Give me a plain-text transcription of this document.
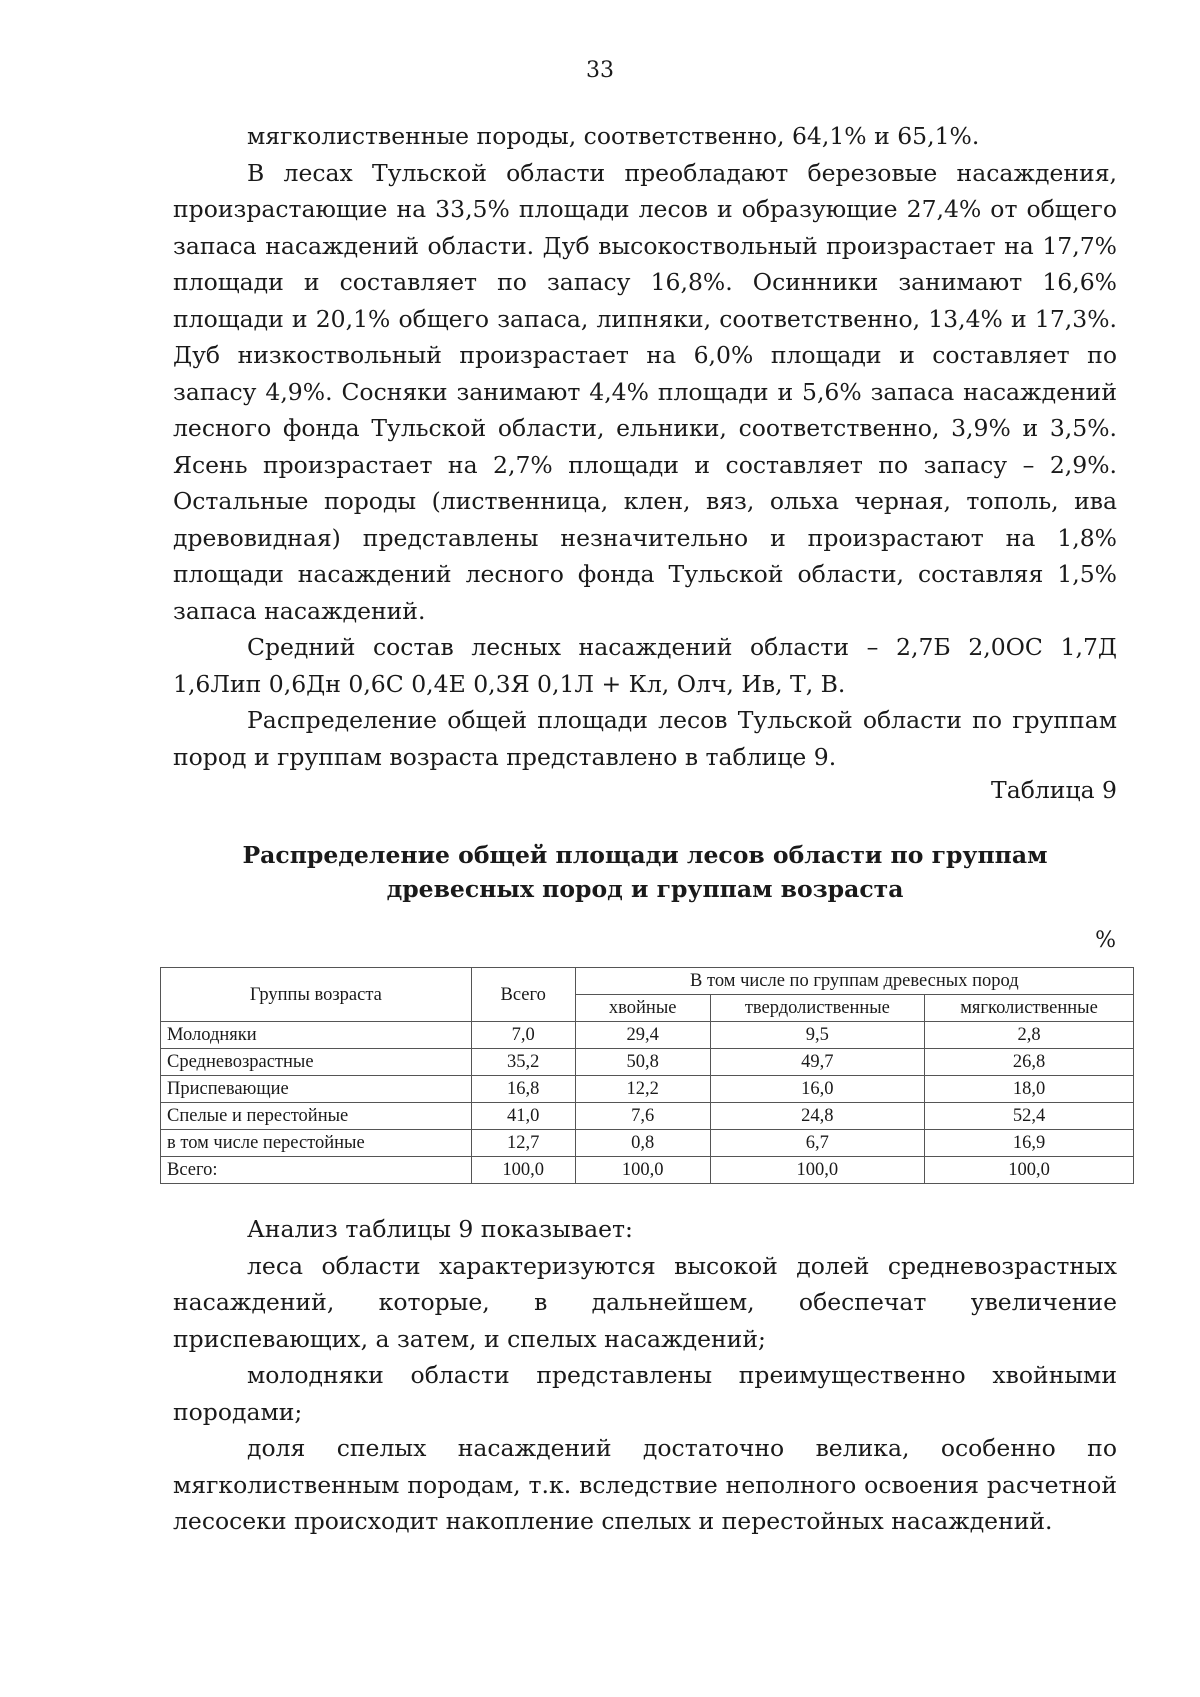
33

мягколиственные породы, соответственно, 64,1% и 65,1%.

В лесах Тульской области преобладают березовые насаждения, произрастающие на 33,5% площади лесов и образующие 27,4% от общего запаса насаждений области. Дуб высокоствольный произрастает на 17,7% площади и составляет по запасу 16,8%. Осинники занимают 16,6% площади и 20,1% общего запаса, липняки, соответственно, 13,4% и 17,3%. Дуб низкоствольный произрастает на 6,0% площади и составляет по запасу 4,9%. Сосняки занимают 4,4% площади и 5,6% запаса насаждений лесного фонда Тульской области, ельники, соответственно, 3,9% и 3,5%. Ясень произрастает на 2,7% площади и составляет по запасу – 2,9%. Остальные породы (лиственница, клен, вяз, ольха черная, тополь, ива древовидная) представлены незначительно и произрастают на 1,8% площади насаждений лесного фонда Тульской области, составляя 1,5% запаса насаждений.

Средний состав лесных насаждений области – 2,7Б 2,0ОС 1,7Д 1,6Лип 0,6Дн 0,6С 0,4Е 0,3Я 0,1Л + Кл, Олч, Ив, Т, В.

Распределение общей площади лесов Тульской области по группам пород и группам возраста представлено в таблице 9.

Таблица 9
Распределение общей площади лесов области по группам
древесных пород и группам возраста
%
Группы возраста	Всего	В том числе по группам древесных пород		
		хвойные	твердолиственные	мягколиственные
Молодняки	7,0	29,4	9,5	2,8
Средневозрастные	35,2	50,8	49,7	26,8
Приспевающие	16,8	12,2	16,0	18,0
Спелые и перестойные	41,0	7,6	24,8	52,4
в том числе перестойные	12,7	0,8	6,7	16,9
Всего:	100,0	100,0	100,0	100,0

Анализ таблицы 9 показывает:

леса области характеризуются высокой долей средневозрастных насаждений, которые, в дальнейшем, обеспечат увеличение приспевающих, а затем, и спелых насаждений;

молодняки области представлены преимущественно хвойными породами;

доля спелых насаждений достаточно велика, особенно по мягколиственным породам, т.к. вследствие неполного освоения расчетной лесосеки происходит накопление спелых и перестойных насаждений.
